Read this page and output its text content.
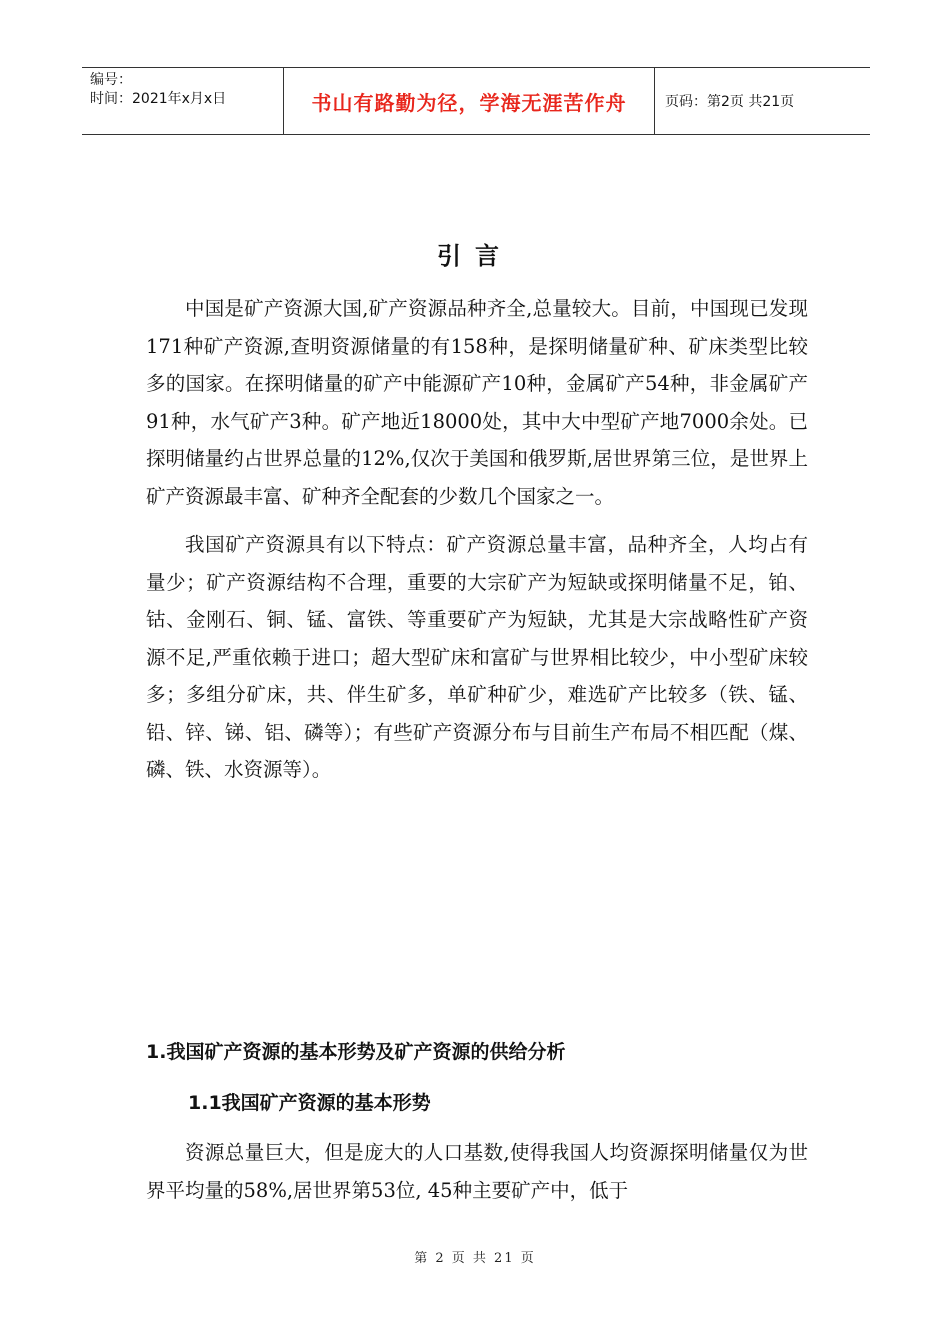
编号：
时间：2021年x月x日	书山有路勤为径，学海无涯苦作舟	页码：第2页 共21页
引言

中国是矿产资源大国,矿产资源品种齐全,总量较大。目前，中国现已发现171种矿产资源,查明资源储量的有158种，是探明储量矿种、矿床类型比较多的国家。在探明储量的矿产中能源矿产10种，金属矿产54种，非金属矿产91种，水气矿产3种。矿产地近18000处，其中大中型矿产地7000余处。已探明储量约占世界总量的12%,仅次于美国和俄罗斯,居世界第三位，是世界上矿产资源最丰富、矿种齐全配套的少数几个国家之一。

我国矿产资源具有以下特点：矿产资源总量丰富，品种齐全，人均占有量少；矿产资源结构不合理，重要的大宗矿产为短缺或探明储量不足，铂、钴、金刚石、铜、锰、富铁、等重要矿产为短缺，尤其是大宗战略性矿产资源不足,严重依赖于进口；超大型矿床和富矿与世界相比较少，中小型矿床较多；多组分矿床，共、伴生矿多，单矿种矿少，难选矿产比较多（铁、锰、铅、锌、锑、铝、磷等）；有些矿产资源分布与目前生产布局不相匹配（煤、磷、铁、水资源等）。

1.我国矿产资源的基本形势及矿产资源的供给分析
1.1我国矿产资源的基本形势

资源总量巨大，但是庞大的人口基数,使得我国人均资源探明储量仅为世界平均量的58%,居世界第53位, 45种主要矿产中，低于

第 2 页 共 21 页
